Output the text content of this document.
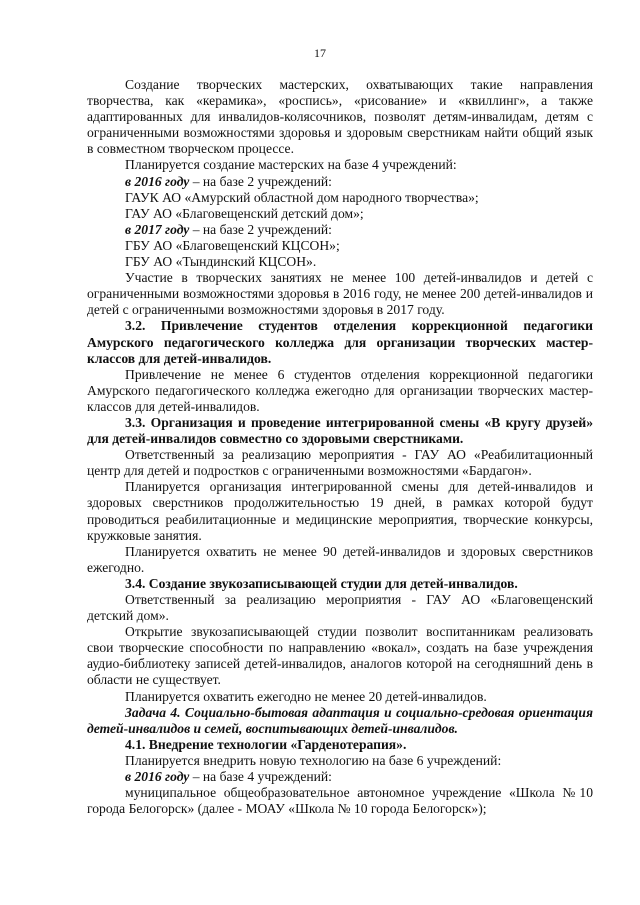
17

Создание творческих мастерских, охватывающих такие направления творчества, как «керамика», «роспись», «рисование» и «квиллинг», а также адаптированных для инвалидов-колясочников, позволят детям-инвалидам, детям с ограниченными возможностями здоровья и здоровым сверстникам найти общий язык в совместном творческом процессе.

Планируется создание мастерских на базе 4 учреждений:

в 2016 году – на базе 2 учреждений:

ГАУК АО «Амурский областной дом народного творчества»;

ГАУ АО «Благовещенский детский дом»;

в 2017 году – на базе 2 учреждений:

ГБУ АО «Благовещенский КЦСОН»;

ГБУ АО «Тындинский КЦСОН».

Участие в творческих занятиях не менее 100 детей-инвалидов и детей с ограниченными возможностями здоровья в 2016 году, не менее 200 детей-инвалидов и детей с ограниченными возможностями здоровья в 2017 году.

3.2. Привлечение студентов отделения коррекционной педагогики Амурского педагогического колледжа для организации творческих мастер-классов для детей-инвалидов.

Привлечение не менее 6 студентов отделения коррекционной педагогики Амурского педагогического колледжа ежегодно для организации творческих мастер-классов для детей-инвалидов.

3.3. Организация и проведение интегрированной смены «В кругу друзей» для детей-инвалидов совместно со здоровыми сверстниками.

Ответственный за реализацию мероприятия - ГАУ АО «Реабилитационный центр для детей и подростков с ограниченными возможностями «Бардагон».

Планируется организация интегрированной смены для детей-инвалидов и здоровых сверстников продолжительностью 19 дней, в рамках которой будут проводиться реабилитационные и медицинские мероприятия, творческие конкурсы, кружковые занятия.

Планируется охватить не менее 90 детей-инвалидов и здоровых сверстников ежегодно.

3.4. Создание звукозаписывающей студии для детей-инвалидов.

Ответственный за реализацию мероприятия - ГАУ АО «Благовещенский детский дом».

Открытие звукозаписывающей студии позволит воспитанникам реализовать свои творческие способности по направлению «вокал», создать на базе учреждения аудио-библиотеку записей детей-инвалидов, аналогов которой на сегодняшний день в области не существует.

Планируется охватить ежегодно не менее 20 детей-инвалидов.

Задача 4. Социально-бытовая адаптация и социально-средовая ориентация детей-инвалидов и семей, воспитывающих детей-инвалидов.

4.1. Внедрение технологии «Гарденотерапия».

Планируется внедрить новую технологию на базе 6 учреждений:

в 2016 году – на базе 4 учреждений:

муниципальное общеобразовательное автономное учреждение «Школа №10 города Белогорск» (далее - МОАУ «Школа № 10 города Белогорск»);
